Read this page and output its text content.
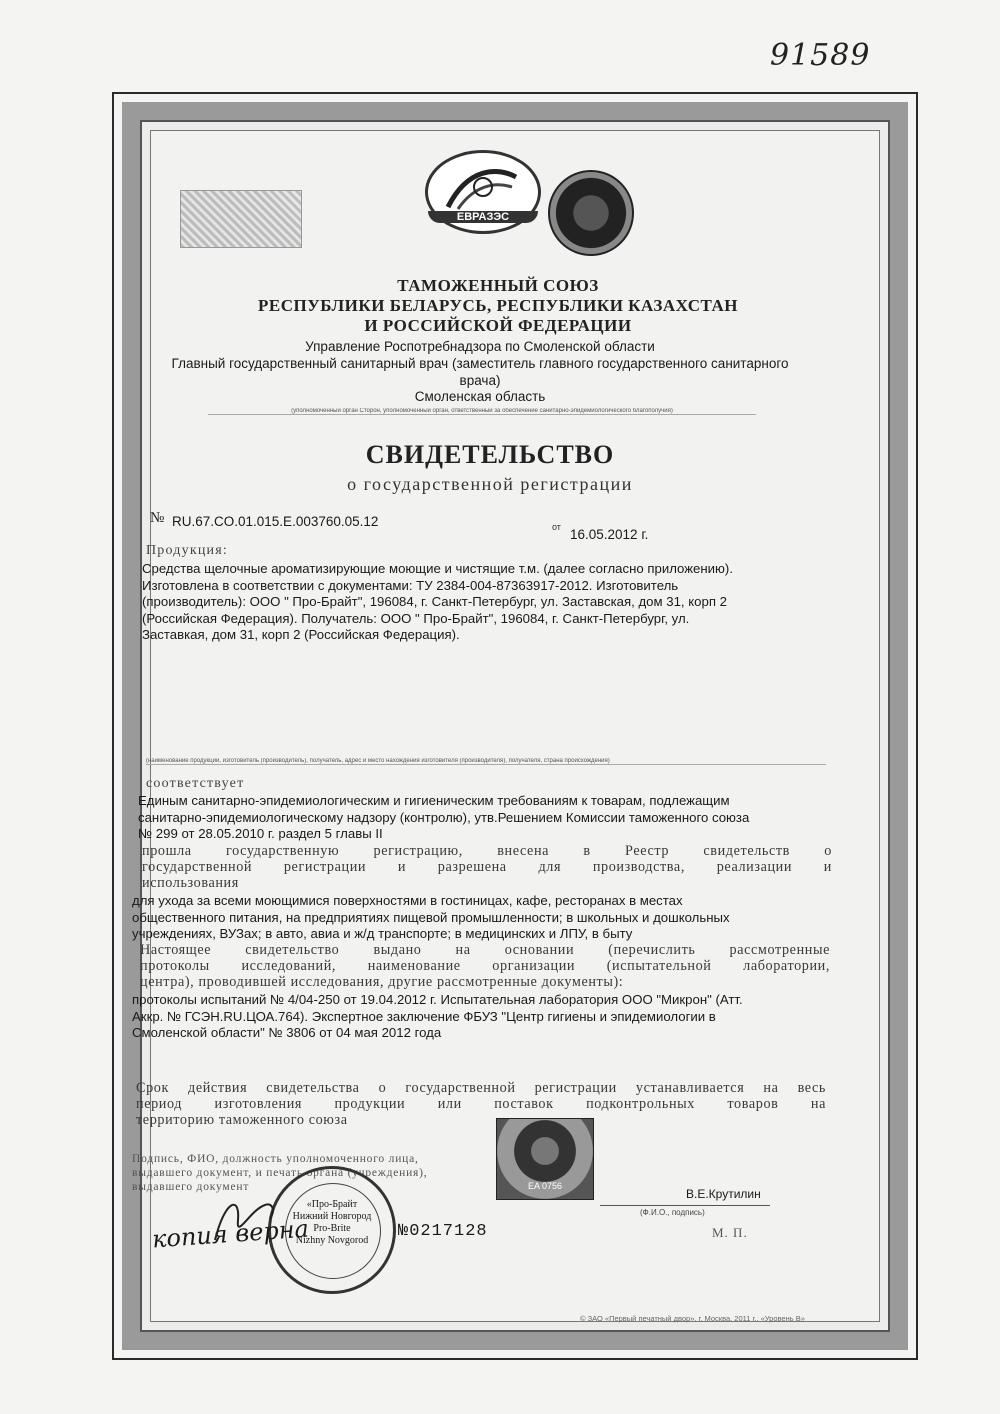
91589
ЕВРАЗЭС
ТАМОЖЕННЫЙ СОЮЗ
РЕСПУБЛИКИ БЕЛАРУСЬ, РЕСПУБЛИКИ КАЗАХСТАН
И РОССИЙСКОЙ ФЕДЕРАЦИИ
Управление Роспотребнадзора по Смоленской области
Главный государственный санитарный врач (заместитель главного государственного санитарного
врача)
Смоленская область
(уполномоченный орган Сторон, уполномоченный орган, ответственный за обеспечение санитарно-эпидемиологического благополучия)
СВИДЕТЕЛЬСТВО
о государственной регистрации
№ RU.67.CO.01.015.E.003760.05.12	от 16.05.2012 г.
Продукция:
Средства щелочные ароматизирующие моющие и чистящие т.м. (далее согласно приложению).
Изготовлена в соответствии с документами: ТУ 2384-004-87363917-2012. Изготовитель
(производитель): ООО " Про-Брайт", 196084, г. Санкт-Петербург, ул. Заставская, дом 31, корп 2
(Российская Федерация). Получатель: ООО " Про-Брайт", 196084, г. Санкт-Петербург, ул.
Заставкая, дом 31, корп 2 (Российская Федерация).
(наименование продукции, изготовитель (производитель), получатель, адрес и место нахождения изготовителя (производителя), получателя, страна происхождения)
соответствует
Единым санитарно-эпидемиологическим и гигиеническим требованиям к товарам, подлежащим
санитарно-эпидемиологическому надзору (контролю), утв.Решением Комиссии таможенного союза
№ 299 от 28.05.2010 г. раздел 5 главы II
прошла государственную регистрацию, внесена в Реестр свидетельств о
государственной регистрации и разрешена для производства, реализации и
использования
для ухода за всеми моющимися поверхностями в гостиницах, кафе, ресторанах в местах
общественного питания, на предприятиях пищевой промышленности; в школьных и дошкольных
учреждениях, ВУЗах; в авто, авиа и ж/д транспорте; в медицинских и ЛПУ, в быту
Настоящее свидетельство выдано на основании (перечислить рассмотренные
протоколы исследований, наименование организации (испытательной лаборатории,
центра), проводившей исследования, другие рассмотренные документы):
протоколы испытаний № 4/04-250 от 19.04.2012 г. Испытательная лаборатория ООО "Микрон" (Атт.
Аккр. № ГСЭН.RU.ЦОА.764). Экспертное заключение ФБУЗ "Центр гигиены и эпидемиологии в
Смоленской области" № 3806 от 04 мая 2012 года
Срок действия свидетельства о государственной регистрации устанавливается на весь
период изготовления продукции или поставок подконтрольных товаров на
территорию таможенного союза
Подпись, ФИО, должность уполномоченного лица,
выдавшего документ, и печать органа (учреждения),
выдавшего документ	EA 0756
В.Е.Крутилин
(Ф.И.О., подпись)
М. П.
№0217128
«Про-Брайт
Нижний Новгород
Pro-Brite
Nizhny Novgorod
копия верна
© ЗАО «Первый печатный двор», г. Москва, 2011 г., «Уровень В»
